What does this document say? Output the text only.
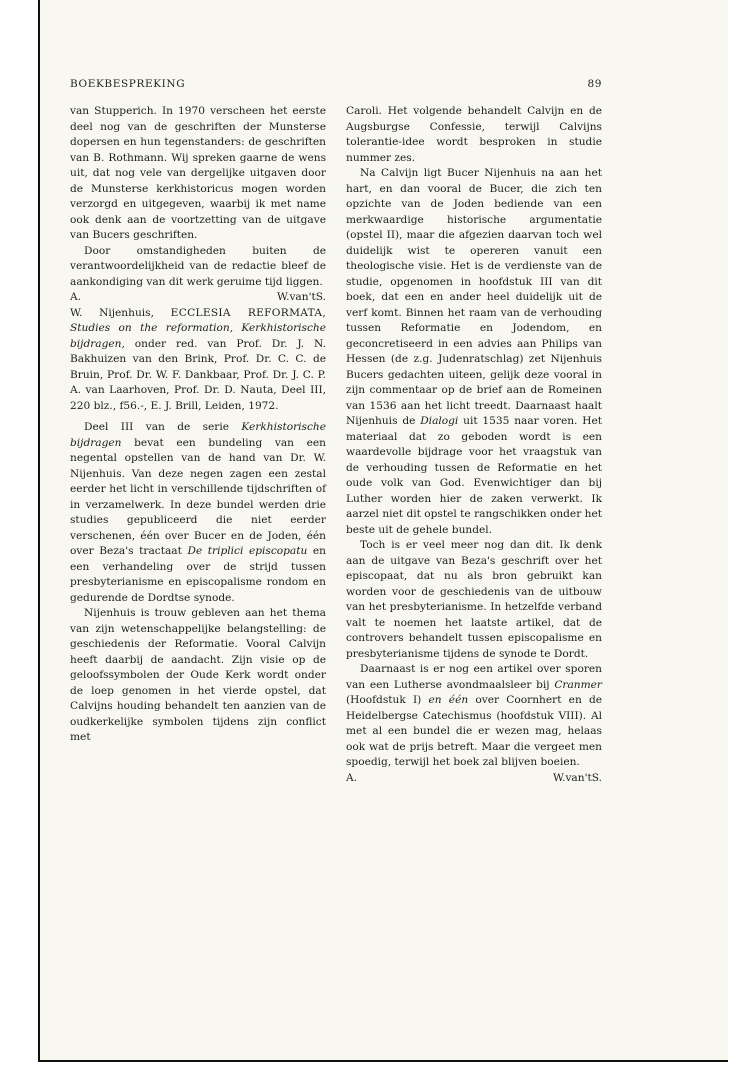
BOEKBESPREKING	89

van Stupperich. In 1970 verscheen het eerste deel nog van de geschriften der Munsterse dopersen en hun tegenstanders: de geschriften van B. Rothmann. Wij spreken gaarne de wens uit, dat nog vele van dergelijke uitgaven door de Munsterse kerkhistoricus mogen worden verzorgd en uitgegeven, waarbij ik met name ook denk aan de voortzetting van de uitgave van Bucers geschriften.

Door omstandigheden buiten de verantwoordelijkheid van de redactie bleef de aankondiging van dit werk geruime tijd liggen.

A.	W.van'tS.

W. Nijenhuis, ECCLESIA REFORMATA, Studies on the reformation, Kerkhistorische bijdragen, onder red. van Prof. Dr. J. N. Bakhuizen van den Brink, Prof. Dr. C. C. de Bruin, Prof. Dr. W. F. Dankbaar, Prof. Dr. J. C. P. A. van Laarhoven, Prof. Dr. D. Nauta, Deel III, 220 blz., f56.-, E. J. Brill, Leiden, 1972.

Deel III van de serie Kerkhistorische bijdragen bevat een bundeling van een negental opstellen van de hand van Dr. W. Nijenhuis. Van deze negen zagen een zestal eerder het licht in verschillende tijdschriften of in verzamelwerk. In deze bundel werden drie studies gepubliceerd die niet eerder verschenen, één over Bucer en de Joden, één over Beza's tractaat De triplici episcopatu en een verhandeling over de strijd tussen presbyterianisme en episcopalisme rondom en gedurende de Dordtse synode.

Nijenhuis is trouw gebleven aan het thema van zijn wetenschappelijke belangstelling: de geschiedenis der Reformatie. Vooral Calvijn heeft daarbij de aandacht. Zijn visie op de geloofssymbolen der Oude Kerk wordt onder de loep genomen in het vierde opstel, dat Calvijns houding behandelt ten aanzien van de oudkerkelijke symbolen tijdens zijn conflict met

Caroli. Het volgende behandelt Calvijn en de Augsburgse Confessie, terwijl Calvijns tolerantie-idee wordt besproken in studie nummer zes.

Na Calvijn ligt Bucer Nijenhuis na aan het hart, en dan vooral de Bucer, die zich ten opzichte van de Joden bediende van een merkwaardige historische argumentatie (opstel II), maar die afgezien daarvan toch wel duidelijk wist te opereren vanuit een theologische visie. Het is de verdienste van de studie, opgenomen in hoofdstuk III van dit boek, dat een en ander heel duidelijk uit de verf komt. Binnen het raam van de verhouding tussen Reformatie en Jodendom, en geconcretiseerd in een advies aan Philips van Hessen (de z.g. Judenratschlag) zet Nijenhuis Bucers gedachten uiteen, gelijk deze vooral in zijn commentaar op de brief aan de Romeinen van 1536 aan het licht treedt. Daarnaast haalt Nijenhuis de Dialogi uit 1535 naar voren. Het materiaal dat zo geboden wordt is een waardevolle bijdrage voor het vraagstuk van de verhouding tussen de Reformatie en het oude volk van God. Evenwichtiger dan bij Luther worden hier de zaken verwerkt. Ik aarzel niet dit opstel te rangschikken onder het beste uit de gehele bundel.

Toch is er veel meer nog dan dit. Ik denk aan de uitgave van Beza's geschrift over het episcopaat, dat nu als bron gebruikt kan worden voor de geschiedenis van de uitbouw van het presbyterianisme. In hetzelfde verband valt te noemen het laatste artikel, dat de controvers behandelt tussen episcopalisme en presbyterianisme tijdens de synode te Dordt.

Daarnaast is er nog een artikel over sporen van een Lutherse avondmaalsleer bij Cranmer (Hoofdstuk I) en één over Coornhert en de Heidelbergse Catechismus (hoofdstuk VIII). Al met al een bundel die er wezen mag, helaas ook wat de prijs betreft. Maar die vergeet men spoedig, terwijl het boek zal blijven boeien.

A.	W.van'tS.
